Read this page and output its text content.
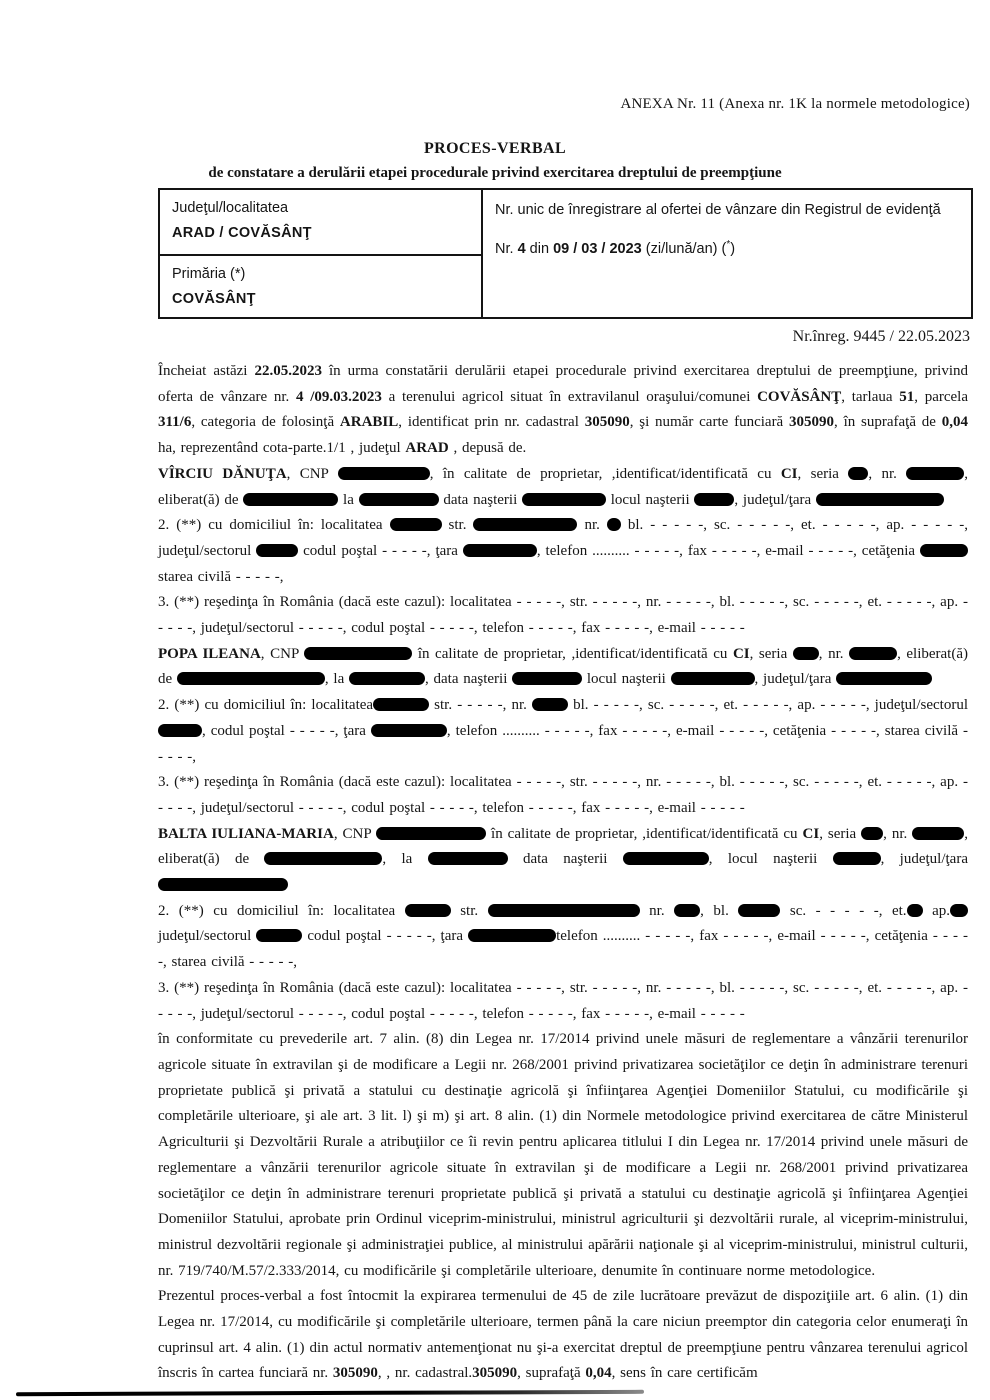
ANEXA Nr. 11 (Anexa nr. 1K la normele metodologice)
PROCES-VERBAL
de constatare a derulării etapei procedurale privind exercitarea dreptului de preempţiune
Judeţul/localitatea
ARAD / COVĂSÂNŢ
Primăria (*)
COVĂSÂNŢ
Nr. unic de înregistrare al ofertei de vânzare din Registrul de evidenţă
Nr. 4 din 09 / 03 / 2023 (zi/lună/an) (*)
Nr.înreg. 9445 / 22.05.2023

Încheiat astăzi 22.05.2023 în urma constatării derulării etapei procedurale privind exercitarea dreptului de preempţiune, privind oferta de vânzare nr. 4 /09.03.2023 a terenului agricol situat în extravilanul oraşului/comunei COVĂSÂNŢ, tarlaua 51, parcela 311/6, categoria de folosinţă ARABIL, identificat prin nr. cadastral 305090, şi număr carte funciară 305090, în suprafaţă de 0,04 ha, reprezentând cota-parte.1/1 , judeţul ARAD , depusă de.

VÎRCIU DĂNUŢA, CNP	, în calitate de proprietar, ,identificat/identificată cu CI, seria , nr.	, eliberat(ă) de	la	data naşterii	locul naşterii	, judeţul/ţara

2. (**) cu domiciliul în: localitatea	str.	nr.  bl. - - - - -, sc. - - - - -, et. - - - - -, ap. - - - - -, judeţul/sectorul	codul poştal - - - - -, ţara	, telefon .......... - - - - -, fax - - - - -, e-mail - - - - -, cetăţenia  starea civilă - - - - -,

3. (**) reşedinţa în România (dacă este cazul): localitatea - - - - -, str. - - - - -, nr. - - - - -, bl. - - - - -, sc. - - - - -, et. - - - - -, ap. - - - - -, judeţul/sectorul - - - - -, codul poştal - - - - -, telefon - - - - -, fax - - - - -, e-mail - - - - -

POPA ILEANA, CNP	în calitate de proprietar, ,identificat/identificată cu CI, seria , nr.	, eliberat(ă) de	, la	, data naşterii	locul naşterii	, judeţul/ţara

2. (**) cu domiciliul în: localitatea	str. - - - - -, nr.  bl. - - - - -, sc. - - - - -, et. - - - - -, ap. - - - - -, judeţul/sectorul, codul poştal - - - - -, ţara	, telefon .......... - - - - -, fax - - - - -, e-mail - - - - -, cetăţenia - - - - -, starea civilă - - - - -,

3. (**) reşedinţa în România (dacă este cazul): localitatea - - - - -, str. - - - - -, nr. - - - - -, bl. - - - - -, sc. - - - - -, et. - - - - -, ap. - - - - -, judeţul/sectorul - - - - -, codul poştal - - - - -, telefon - - - - -, fax - - - - -, e-mail - - - - -

BALTA IULIANA-MARIA, CNP	în calitate de proprietar, ,identificat/identificată cu CI, seria , nr.	, eliberat(ă) de	, la	data naşterii	, locul naşterii	, judeţul/ţara

2. (**) cu domiciliul în: localitatea	str.	nr. , bl.	sc. - - - - -, et. ap. judeţul/sectorul	codul poştal - - - - -, ţara	telefon .......... - - - - -, fax - - - - -, e-mail - - - - -, cetăţenia - - - - -, starea civilă - - - - -,

3. (**) reşedinţa în România (dacă este cazul): localitatea - - - - -, str. - - - - -, nr. - - - - -, bl. - - - - -, sc. - - - - -, et. - - - - -, ap. - - - - -, judeţul/sectorul - - - - -, codul poştal - - - - -, telefon - - - - -, fax - - - - -, e-mail - - - - -

în conformitate cu prevederile art. 7 alin. (8) din Legea nr. 17/2014 privind unele măsuri de reglementare a vânzării terenurilor agricole situate în extravilan şi de modificare a Legii nr. 268/2001 privind privatizarea societăţilor ce deţin în administrare terenuri proprietate publică şi privată a statului cu destinaţie agricolă şi înfiinţarea Agenţiei Domeniilor Statului, cu modificările şi completările ulterioare, şi ale art. 3 lit. l) şi m) şi art. 8 alin. (1) din Normele metodologice privind exercitarea de către Ministerul Agriculturii şi Dezvoltării Rurale a atribuţiilor ce îi revin pentru aplicarea titlului I din Legea nr. 17/2014 privind unele măsuri de reglementare a vânzării terenurilor agricole situate în extravilan şi de modificare a Legii nr. 268/2001 privind privatizarea societăţilor ce deţin în administrare terenuri proprietate publică şi privată a statului cu destinaţie agricolă şi înfiinţarea Agenţiei Domeniilor Statului, aprobate prin Ordinul viceprim-ministrului, ministrul agriculturii şi dezvoltării rurale, al viceprim-ministrului, ministrul dezvoltării regionale şi administraţiei publice, al ministrului apărării naţionale şi al viceprim-ministrului, ministrul culturii, nr. 719/740/M.57/2.333/2014, cu modificările şi completările ulterioare, denumite în continuare norme metodologice.

Prezentul proces-verbal a fost întocmit la expirarea termenului de 45 de zile lucrătoare prevăzut de dispoziţiile art. 6 alin. (1) din Legea nr. 17/2014, cu modificările şi completările ulterioare, termen până la care niciun preemptor din categoria celor enumeraţi în cuprinsul art. 4 alin. (1) din actul normativ antemenţionat nu şi-a exercitat dreptul de preempţiune pentru vânzarea terenului agricol înscris în cartea funciară nr. 305090, , nr. cadastral.305090, suprafaţă 0,04, sens în care certificăm
